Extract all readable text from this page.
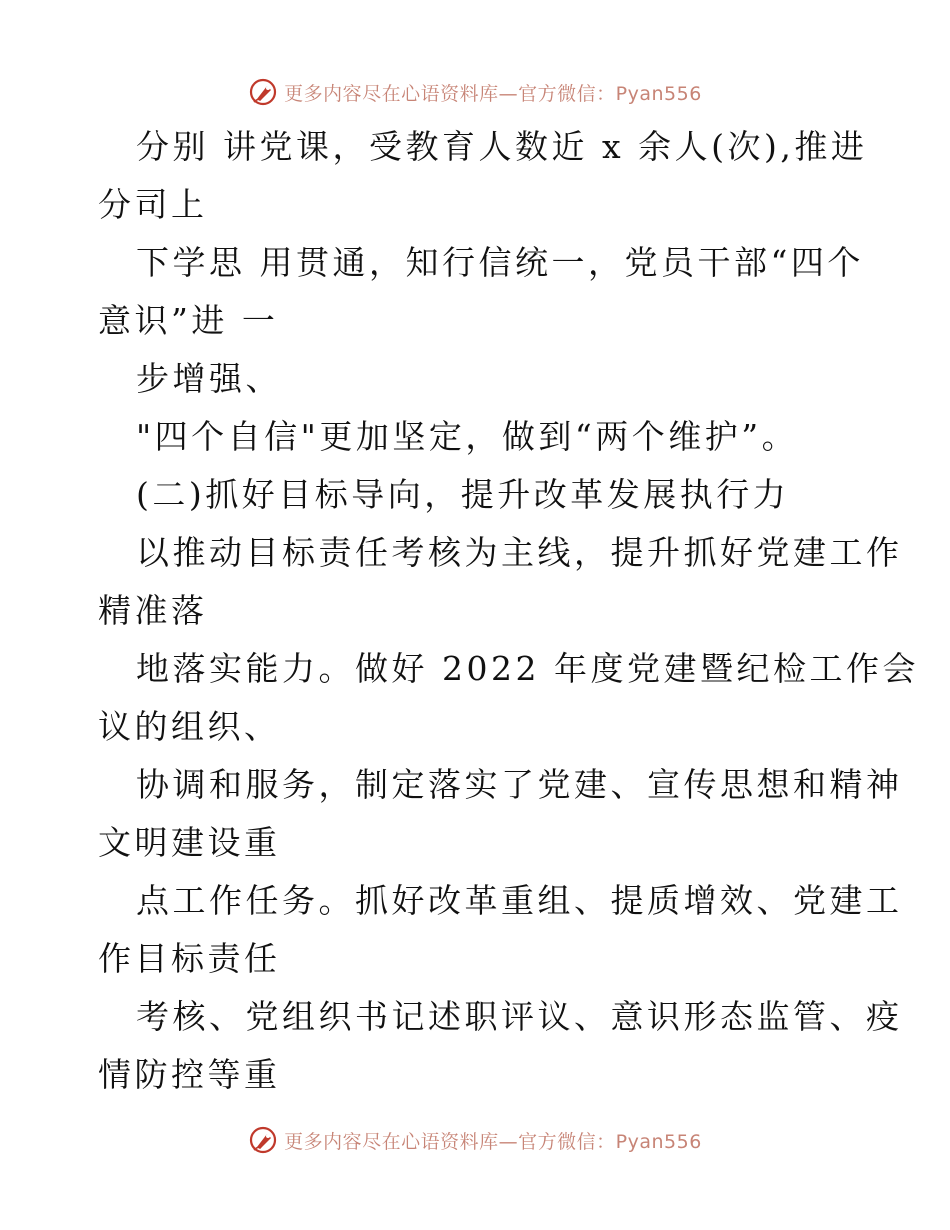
更多内容尽在心语资料库—官方微信：Pyan556
分别 讲党课，受教育人数近 x 余人(次),推进
分司上
下学思 用贯通，知行信统一，党员干部“四个
意识”进 一
步增强、
"四个自信"更加坚定，做到“两个维护”。
(二)抓好目标导向，提升改革发展执行力
以推动目标责任考核为主线，提升抓好党建工作
精准落
地落实能力。做好 2022 年度党建暨纪检工作会
议的组织、
协调和服务，制定落实了党建、宣传思想和精神
文明建设重
点工作任务。抓好改革重组、提质增效、党建工
作目标责任
考核、党组织书记述职评议、意识形态监管、疫
情防控等重
更多内容尽在心语资料库—官方微信：Pyan556
